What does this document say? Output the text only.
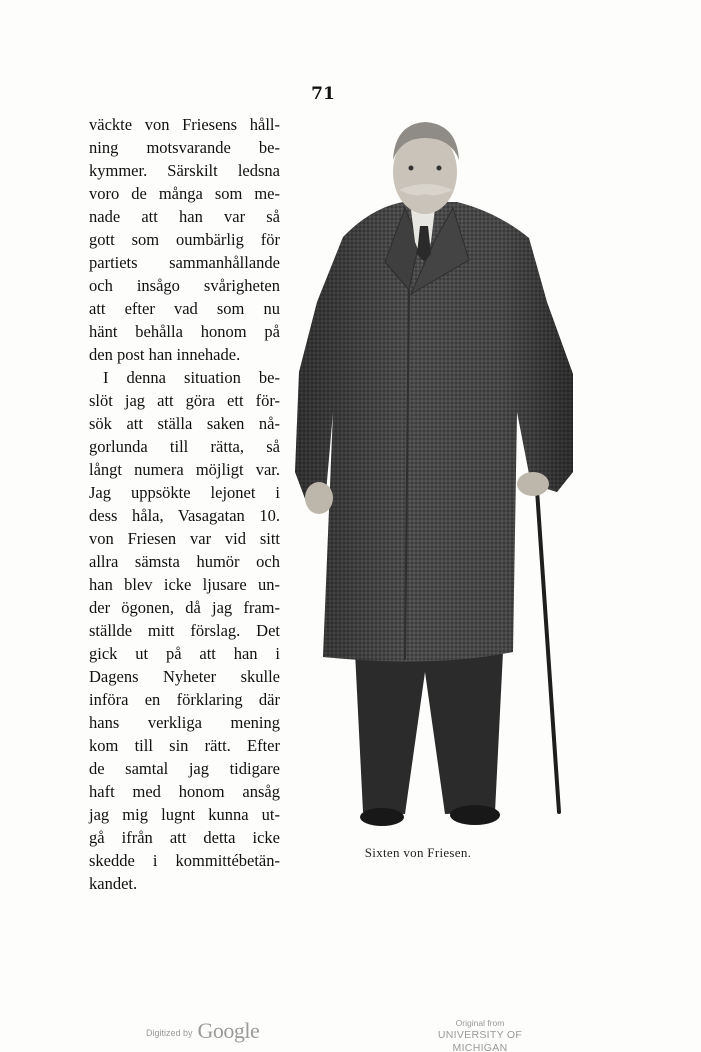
71
väckte von Friesens håll-
ning motsvarande be-
kymmer. Särskilt ledsna
voro de många som me-
nade att han var så
gott som oumbärlig för
partiets sammanhållande
och insågo svårigheten
att efter vad som nu
hänt behålla honom på
den post han innehade.
I denna situation be-
slöt jag att göra ett för-
sök att ställa saken nå-
gorlunda till rätta, så
långt numera möjligt var.
Jag uppsökte lejonet i
dess håla, Vasagatan 10.
von Friesen var vid sitt
allra sämsta humör och
han blev icke ljusare un-
der ögonen, då jag fram-
ställde mitt förslag. Det
gick ut på att han i
Dagens Nyheter skulle
införa en förklaring där
hans verkliga mening
kom till sin rätt. Efter
de samtal jag tidigare
haft med honom ansåg
jag mig lugnt kunna ut-
gå ifrån att detta icke
skedde i kommittébetän-
kandet.
Sixten von Friesen.
Digitized by Google	Original from
UNIVERSITY OF MICHIGAN
